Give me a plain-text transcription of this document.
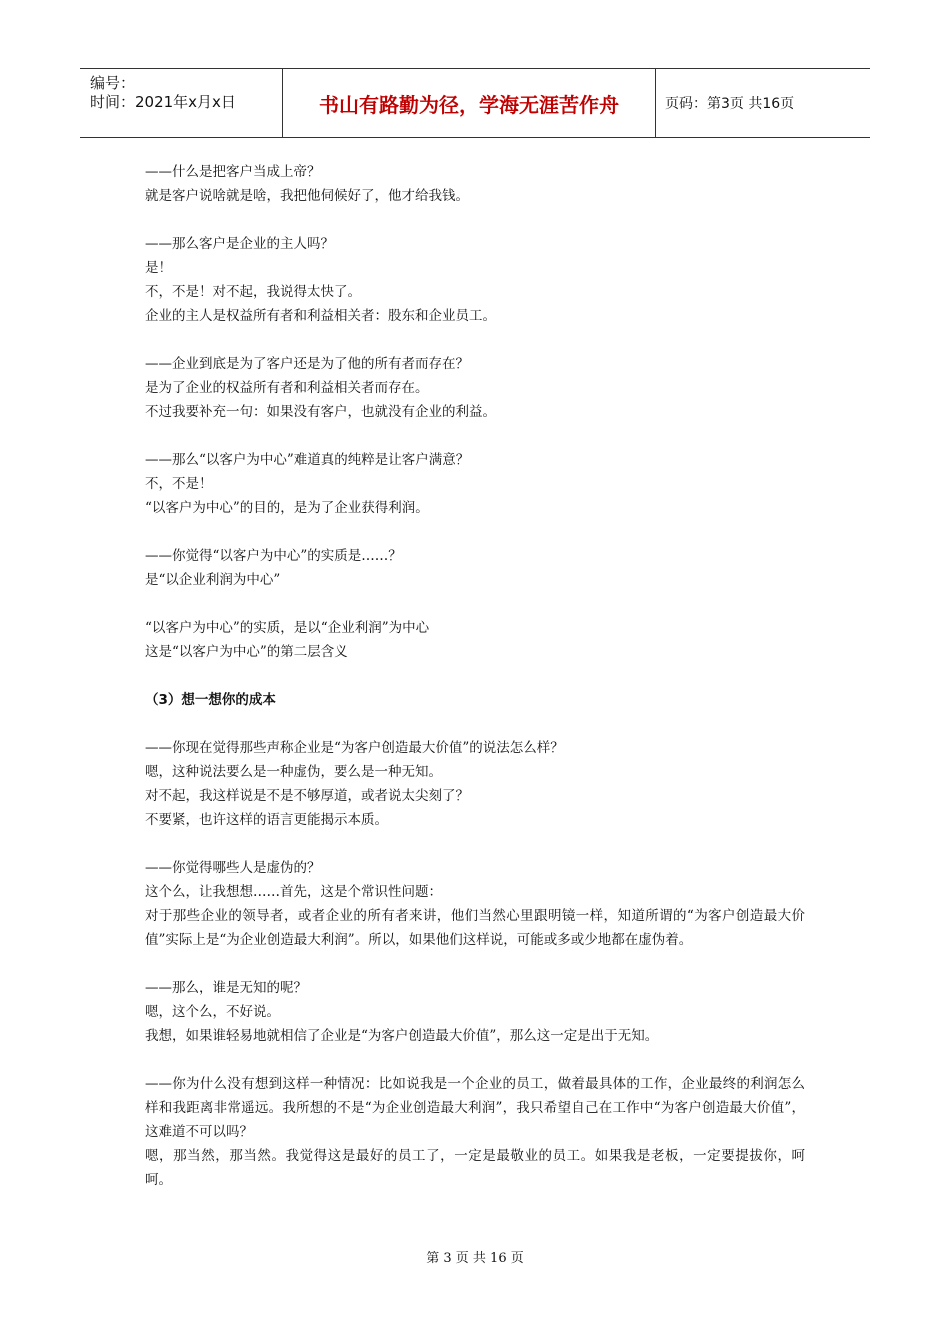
编号：
时间：2021年x月x日	书山有路勤为径，学海无涯苦作舟	页码：第3页 共16页

——什么是把客户当成上帝？

就是客户说啥就是啥，我把他伺候好了，他才给我钱。

——那么客户是企业的主人吗？

是！

不，不是！对不起，我说得太快了。

企业的主人是权益所有者和利益相关者：股东和企业员工。

——企业到底是为了客户还是为了他的所有者而存在？

是为了企业的权益所有者和利益相关者而存在。

不过我要补充一句：如果没有客户，也就没有企业的利益。

——那么“以客户为中心”难道真的纯粹是让客户满意？

不，不是！

“以客户为中心”的目的，是为了企业获得利润。

——你觉得“以客户为中心”的实质是……？

是“以企业利润为中心”

“以客户为中心”的实质，是以“企业利润”为中心

这是“以客户为中心”的第二层含义

（3）想一想你的成本

——你现在觉得那些声称企业是“为客户创造最大价值”的说法怎么样？

嗯，这种说法要么是一种虚伪，要么是一种无知。

对不起，我这样说是不是不够厚道，或者说太尖刻了？

不要紧，也许这样的语言更能揭示本质。

——你觉得哪些人是虚伪的？

这个么，让我想想……首先，这是个常识性问题：

对于那些企业的领导者，或者企业的所有者来讲，他们当然心里跟明镜一样，知道所谓的“为客户创造最大价值”实际上是“为企业创造最大利润”。所以，如果他们这样说，可能或多或少地都在虚伪着。

——那么，谁是无知的呢？

嗯，这个么，不好说。

我想，如果谁轻易地就相信了企业是“为客户创造最大价值”，那么这一定是出于无知。

——你为什么没有想到这样一种情况：比如说我是一个企业的员工，做着最具体的工作，企业最终的利润怎么样和我距离非常遥远。我所想的不是“为企业创造最大利润”，我只希望自己在工作中“为客户创造最大价值”，这难道不可以吗？

嗯，那当然，那当然。我觉得这是最好的员工了，一定是最敬业的员工。如果我是老板，一定要提拔你，呵呵。

第 3 页 共 16 页
